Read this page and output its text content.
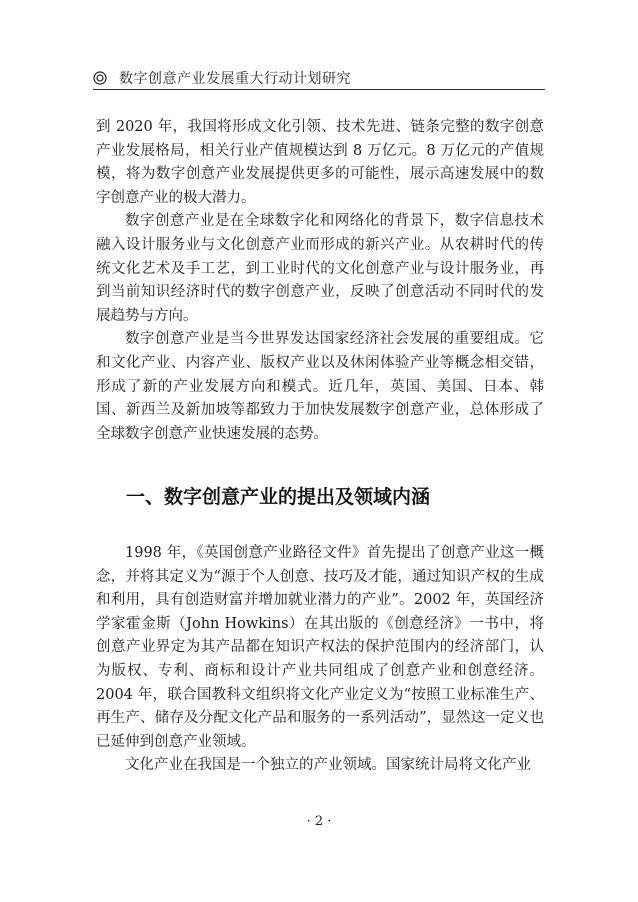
数字创意产业发展重大行动计划研究

到 2020 年，我国将形成文化引领、技术先进、链条完整的数字创意产业发展格局，相关行业产值规模达到 8 万亿元。8 万亿元的产值规模，将为数字创意产业发展提供更多的可能性，展示高速发展中的数字创意产业的极大潜力。

数字创意产业是在全球数字化和网络化的背景下，数字信息技术融入设计服务业与文化创意产业而形成的新兴产业。从农耕时代的传统文化艺术及手工艺，到工业时代的文化创意产业与设计服务业，再到当前知识经济时代的数字创意产业，反映了创意活动不同时代的发展趋势与方向。

数字创意产业是当今世界发达国家经济社会发展的重要组成。它和文化产业、内容产业、版权产业以及休闲体验产业等概念相交错，形成了新的产业发展方向和模式。近几年，英国、美国、日本、韩国、新西兰及新加坡等都致力于加快发展数字创意产业，总体形成了全球数字创意产业快速发展的态势。

一、数字创意产业的提出及领域内涵

1998 年，《英国创意产业路径文件》首先提出了创意产业这一概念，并将其定义为“源于个人创意、技巧及才能，通过知识产权的生成和利用，具有创造财富并增加就业潜力的产业”。2002 年，英国经济学家霍金斯（John Howkins）在其出版的《创意经济》一书中，将创意产业界定为其产品都在知识产权法的保护范围内的经济部门，认为版权、专利、商标和设计产业共同组成了创意产业和创意经济。2004 年，联合国教科文组织将文化产业定义为“按照工业标准生产、再生产、储存及分配文化产品和服务的一系列活动”，显然这一定义也已延伸到创意产业领域。

文化产业在我国是一个独立的产业领域。国家统计局将文化产业

· 2 ·
